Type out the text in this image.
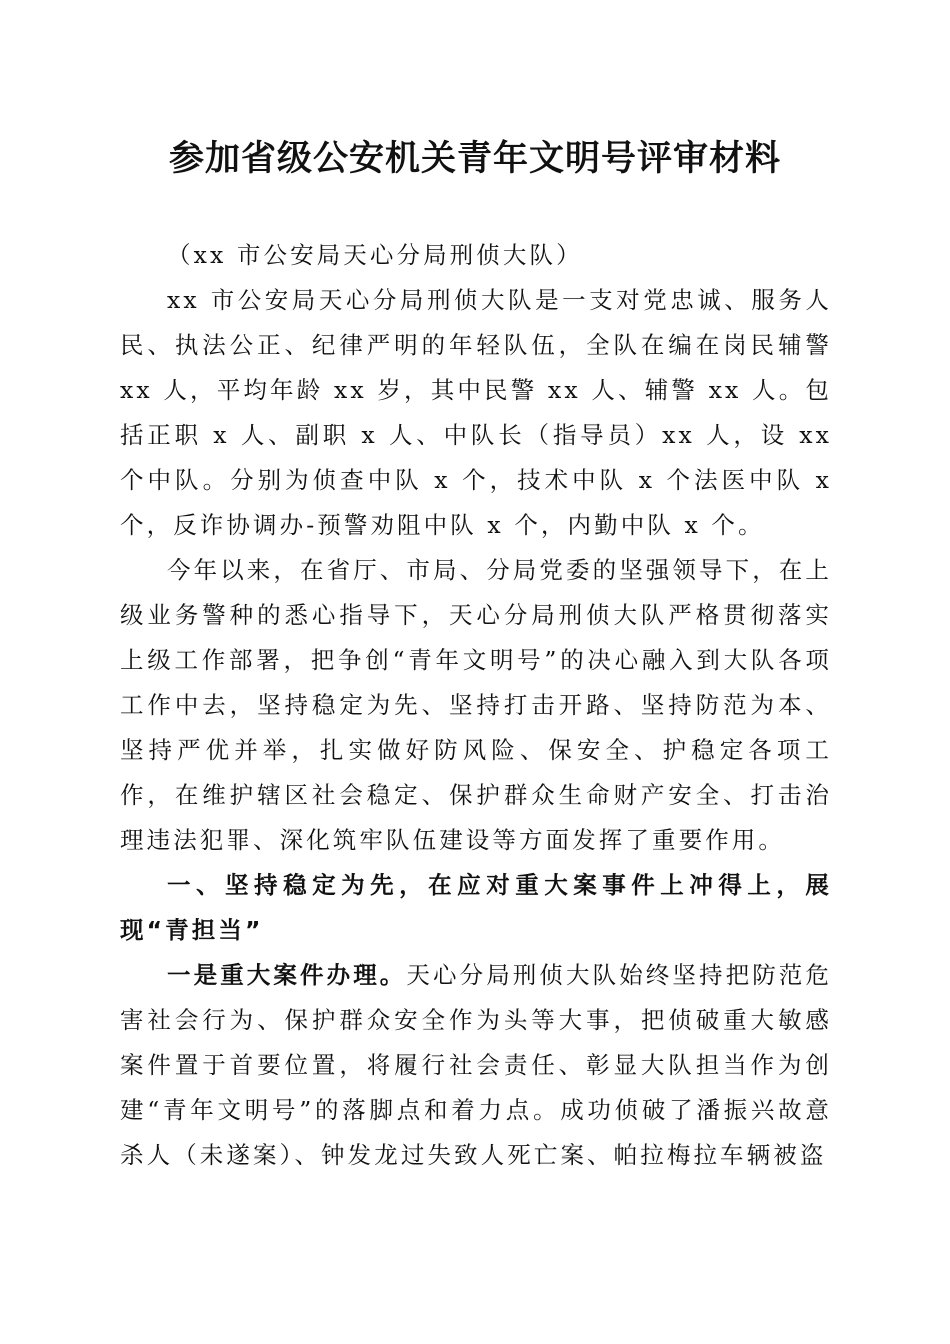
参加省级公安机关青年文明号评审材料

（xx 市公安局天心分局刑侦大队）

xx 市公安局天心分局刑侦大队是一支对党忠诚、服务人民、执法公正、纪律严明的年轻队伍，全队在编在岗民辅警 xx 人，平均年龄 xx 岁，其中民警 xx 人、辅警 xx 人。包括正职 x 人、副职 x 人、中队长（指导员）xx 人，设 xx 个中队。分别为侦查中队 x 个，技术中队 x 个法医中队 x 个，反诈协调办-预警劝阻中队 x 个，内勤中队 x 个。

今年以来，在省厅、市局、分局党委的坚强领导下，在上级业务警种的悉心指导下，天心分局刑侦大队严格贯彻落实上级工作部署，把争创“青年文明号”的决心融入到大队各项工作中去，坚持稳定为先、坚持打击开路、坚持防范为本、坚持严优并举，扎实做好防风险、保安全、护稳定各项工作，在维护辖区社会稳定、保护群众生命财产安全、打击治理违法犯罪、深化筑牢队伍建设等方面发挥了重要作用。

一、坚持稳定为先，在应对重大案事件上冲得上，展现“青担当”

一是重大案件办理。天心分局刑侦大队始终坚持把防范危害社会行为、保护群众安全作为头等大事，把侦破重大敏感案件置于首要位置，将履行社会责任、彰显大队担当作为创建“青年文明号”的落脚点和着力点。成功侦破了潘振兴故意杀人（未遂案）、钟发龙过失致人死亡案、帕拉梅拉车辆被盗
